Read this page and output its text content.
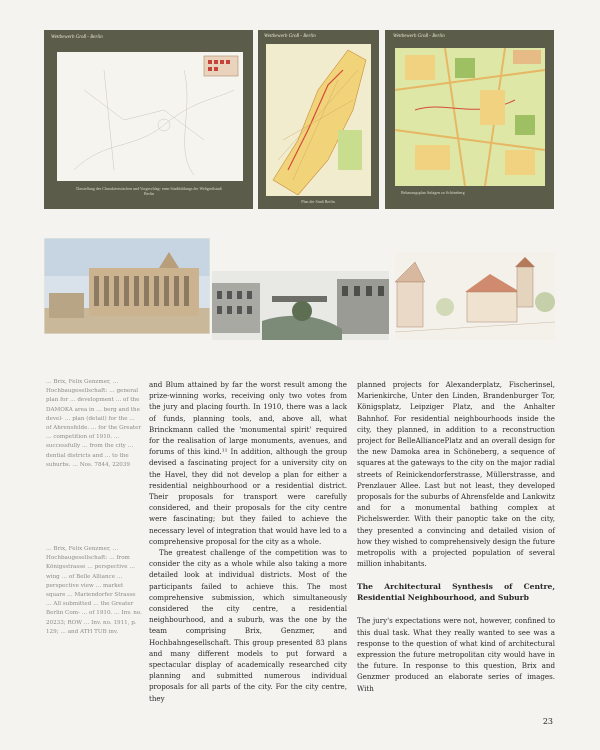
Wettbewerb Groß - Berlin
Darstellung des Charakteristischen und Vorgeschlag- enen Stadtbildungs der Weltgroßstadt Berlin
Wettbewerb Groß - Berlin
Plan der Stadt Berlin
Wettbewerb Groß - Berlin
Bebauungsplan Anlagen zu Schöneberg

… Brix, Felix Genzmer, … Hochbaugesellschaft: … general plan for … development … of the DAMOKA area in … berg and the devel- … plan (detail) for the … of Ahrensfelde. … for the Greater … competition of 1910. … successfully … from the city … dential districts and … to the suburbs. … Nos. 7844, 22039

… Brix, Felix Genzmer, … Hochbaugesellschaft: … from Königsstrasse … perspective … wing … of Belle Alliance … perspective view … market square … Mariendorfer Strasse … All submitted … the Greater Berlin Com- … of 1910. … Inv. no. 20233; ROW … Inv. no. 1911, p. 129; … and ATH TUB inv.

and Blum attained by far the worst result among the prize-winning works, receiving only two votes from the jury and placing fourth. In 1910, there was a lack of funds, planning tools, and, above all, what Brinckmann called the 'monumental spirit' required for the realisation of large monuments, avenues, and forums of this kind.¹¹ In addition, although the group devised a fascinating project for a university city on the Havel, they did not develop a plan for either a residential neighbourhood or a residential district. Their proposals for transport were carefully considered, and their proposals for the city centre were fascinating; but they failed to achieve the necessary level of integration that would have led to a comprehensive proposal for the city as a whole.

The greatest challenge of the competition was to consider the city as a whole while also taking a more detailed look at individual districts. Most of the participants failed to achieve this. The most comprehensive submission, which simultaneously considered the city centre, a residential neighbourhood, and a suburb, was the one by the team comprising Brix, Genzmer, and Hochbahngesellschaft. This group presented 83 plans and many different models to put forward a spectacular display of academically researched city planning and submitted numerous individual proposals for all parts of the city. For the city centre, they

planned projects for Alexanderplatz, Fischerinsel, Marienkirche, Unter den Linden, Brandenburger Tor, Königsplatz, Leipziger Platz, and the Anhalter Bahnhof. For residential neighbourhoods inside the city, they planned, in addition to a reconstruction project for BelleAlliancePlatz and an overall design for the new Damoka area in Schöneberg, a sequence of squares at the gateways to the city on the major radial streets of Reinickendorferstrasse, Müllerstrasse, and Prenzlauer Allee. Last but not least, they developed proposals for the suburbs of Ahrensfelde and Lankwitz and for a monumental bathing complex at Pichelswerder. With their panoptic take on the city, they presented a convincing and detailed vision of how they wished to comprehensively design the future metropolis with a projected population of several million inhabitants.

The Architectural Synthesis of Centre, Residential Neighbourhood, and Suburb

The jury's expectations were not, however, confined to this dual task. What they really wanted to see was a response to the question of what kind of architectural expression the future metropolitan city would have in the future. In response to this question, Brix and Genzmer produced an elaborate series of images. With

23
